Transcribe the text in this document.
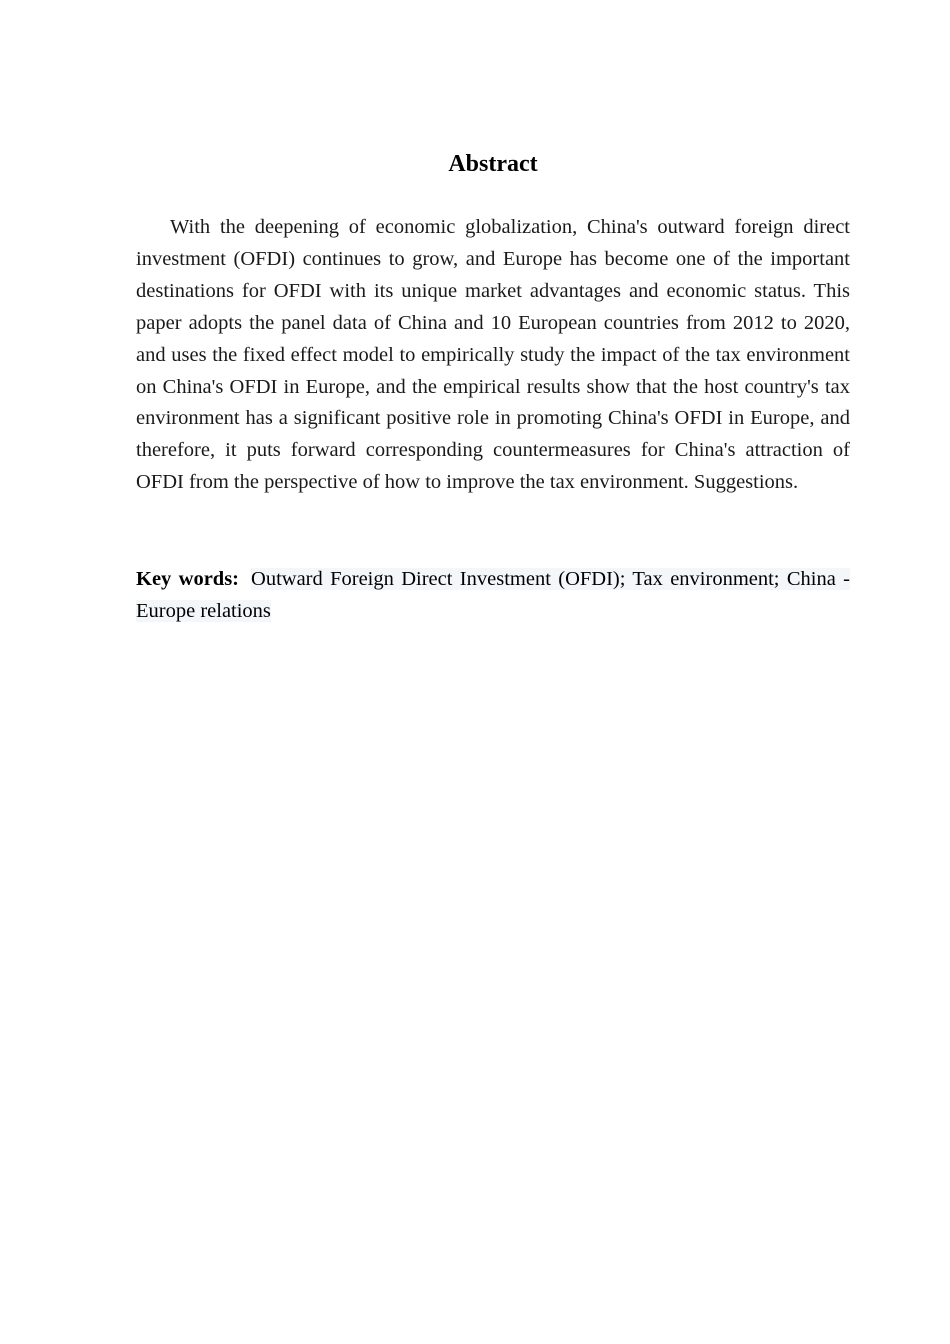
Abstract

With the deepening of economic globalization, China's outward foreign direct investment (OFDI) continues to grow, and Europe has become one of the important destinations for OFDI with its unique market advantages and economic status. This paper adopts the panel data of China and 10 European countries from 2012 to 2020, and uses the fixed effect model to empirically study the impact of the tax environment on China's OFDI in Europe, and the empirical results show that the host country's tax environment has a significant positive role in promoting China's OFDI in Europe, and therefore, it puts forward corresponding countermeasures for China's attraction of OFDI from the perspective of how to improve the tax environment. Suggestions.

Key words: Outward Foreign Direct Investment (OFDI); Tax environment; China - Europe relations
